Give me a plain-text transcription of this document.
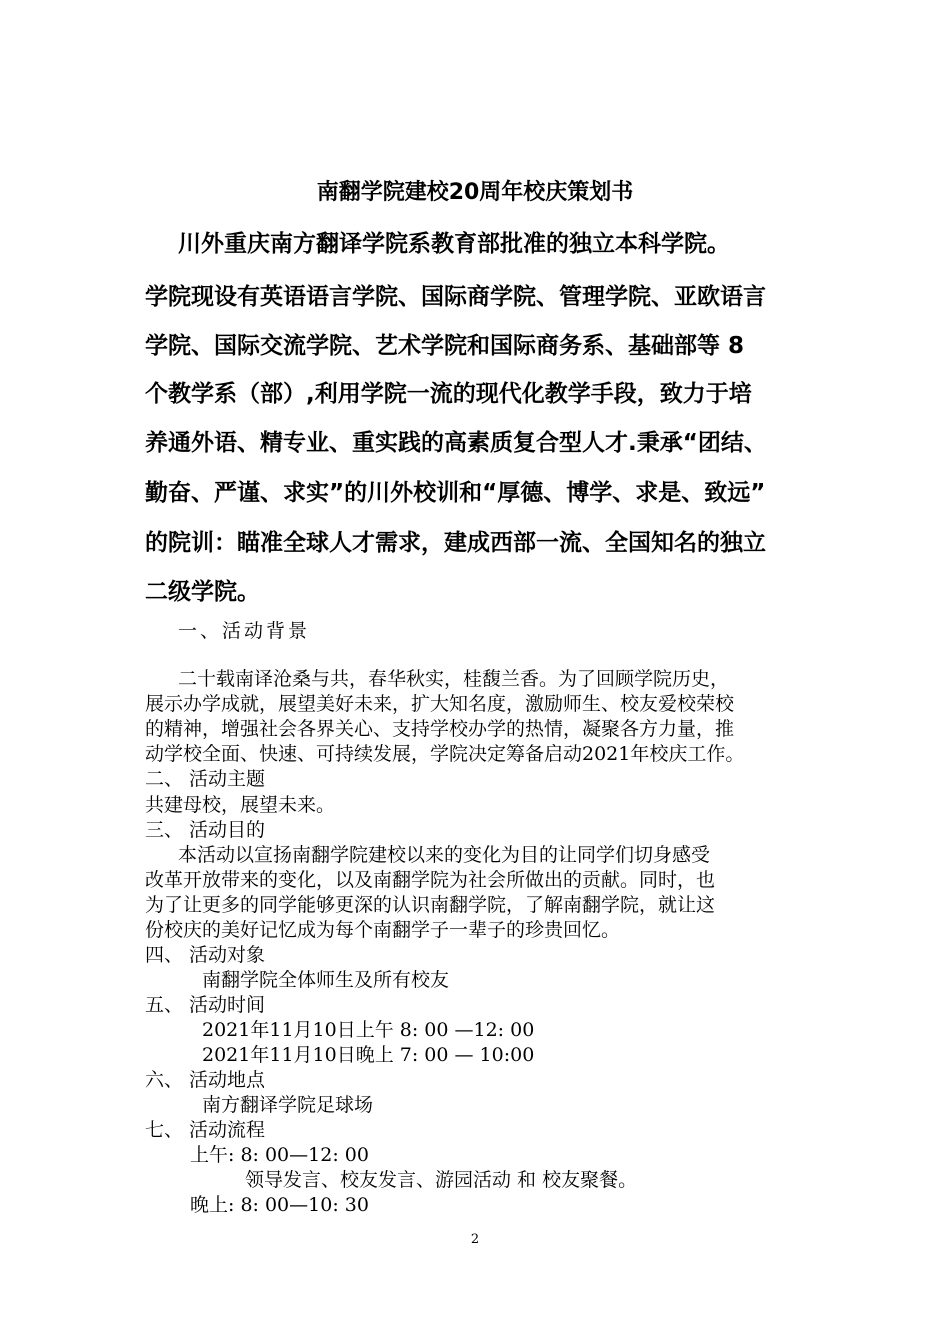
南翻学院建校20周年校庆策划书
川外重庆南方翻译学院系教育部批准的独立本科学院。
学院现设有英语语言学院、国际商学院、管理学院、亚欧语言
学院、国际交流学院、艺术学院和国际商务系、基础部等 8
个教学系（部）,利用学院一流的现代化教学手段，致力于培
养通外语、精专业、重实践的高素质复合型人才.秉承“团结、
勤奋、严谨、求实”的川外校训和“厚德、博学、求是、致远”
的院训：瞄准全球人才需求，建成西部一流、全国知名的独立
二级学院。
一、活动背景
二十载南译沧桑与共，春华秋实，桂馥兰香。为了回顾学院历史，
展示办学成就，展望美好未来，扩大知名度，激励师生、校友爱校荣校
的精神，增强社会各界关心、支持学校办学的热情，凝聚各方力量，推
动学校全面、快速、可持续发展，学院决定筹备启动2021年校庆工作。
二、 活动主题
共建母校，展望未来。
三、 活动目的
本活动以宣扬南翻学院建校以来的变化为目的让同学们切身感受
改革开放带来的变化，以及南翻学院为社会所做出的贡献。同时，也
为了让更多的同学能够更深的认识南翻学院，了解南翻学院，就让这
份校庆的美好记忆成为每个南翻学子一辈子的珍贵回忆。
四、 活动对象
南翻学院全体师生及所有校友
五、 活动时间
2021年11月10日上午 8: 00 —12: 00
2021年11月10日晚上 7: 00 — 10:00
六、 活动地点
南方翻译学院足球场
七、 活动流程
上午: 8: 00—12: 00
领导发言、校友发言、游园活动 和 校友聚餐。
晚上: 8: 00—10: 30
2
